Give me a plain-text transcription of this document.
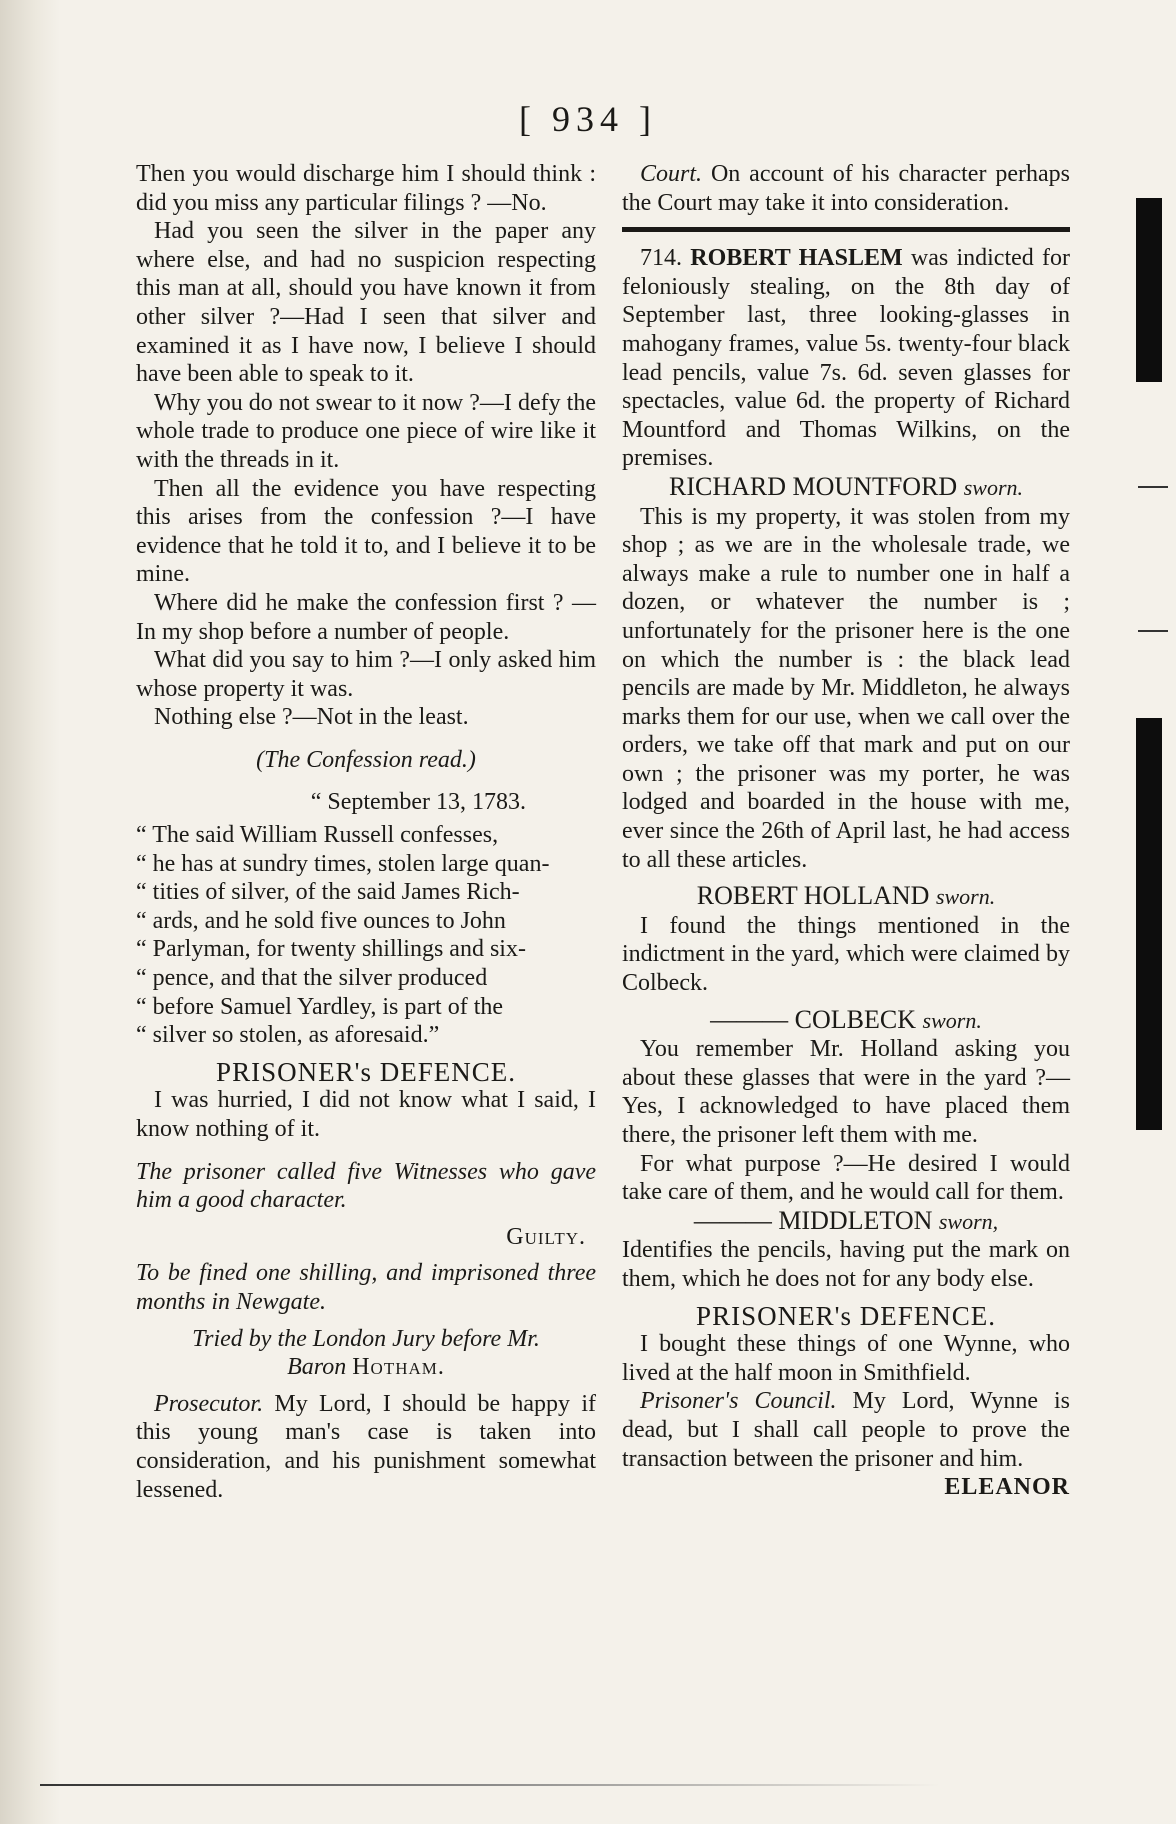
[ 934 ]

Then you would discharge him I should think : did you miss any particular filings ? —No.

Had you seen the silver in the paper any where else, and had no suspicion respecting this man at all, should you have known it from other silver ?—Had I seen that silver and examined it as I have now, I believe I should have been able to speak to it.

Why you do not swear to it now ?—I defy the whole trade to produce one piece of wire like it with the threads in it.

Then all the evidence you have respecting this arises from the confession ?—I have evidence that he told it to, and I believe it to be mine.

Where did he make the confession first ? —In my shop before a number of people.

What did you say to him ?—I only asked him whose property it was.

Nothing else ?—Not in the least.

(The Confession read.)

“ September 13, 1783.

“ The said William Russell confesses,
“ he has at sundry times, stolen large quan-
“ tities of silver, of the said James Rich-
“ ards, and he sold five ounces to John
“ Parlyman, for twenty shillings and six-
“ pence, and that the silver produced
“ before Samuel Yardley, is part of the
“ silver so stolen, as aforesaid.”

PRISONER's DEFENCE.

I was hurried, I did not know what I said, I know nothing of it.

The prisoner called five Witnesses who gave him a good character.

Guilty.

To be fined one shilling, and imprisoned three months in Newgate.

Tried by the London Jury before Mr.

Baron Hotham.

Prosecutor. My Lord, I should be happy if this young man's case is taken into consideration, and his punishment somewhat lessened.

Court. On account of his character perhaps the Court may take it into consideration.

714. ROBERT HASLEM was indicted for feloniously stealing, on the 8th day of September last, three looking-glasses in mahogany frames, value 5s. twenty-four black lead pencils, value 7s. 6d. seven glasses for spectacles, value 6d. the property of Richard Mountford and Thomas Wilkins, on the premises.

RICHARD MOUNTFORD sworn.

This is my property, it was stolen from my shop ; as we are in the wholesale trade, we always make a rule to number one in half a dozen, or whatever the number is ; unfortunately for the prisoner here is the one on which the number is : the black lead pencils are made by Mr. Middleton, he always marks them for our use, when we call over the orders, we take off that mark and put on our own ; the prisoner was my porter, he was lodged and boarded in the house with me, ever since the 26th of April last, he had access to all these articles.

ROBERT HOLLAND sworn.

I found the things mentioned in the indictment in the yard, which were claimed by Colbeck.

——— COLBECK sworn.

You remember Mr. Holland asking you about these glasses that were in the yard ?— Yes, I acknowledged to have placed them there, the prisoner left them with me.

For what purpose ?—He desired I would take care of them, and he would call for them.

——— MIDDLETON sworn,

Identifies the pencils, having put the mark on them, which he does not for any body else.

PRISONER's DEFENCE.

I bought these things of one Wynne, who lived at the half moon in Smithfield.

Prisoner's Council. My Lord, Wynne is dead, but I shall call people to prove the transaction between the prisoner and him.

ELEANOR
